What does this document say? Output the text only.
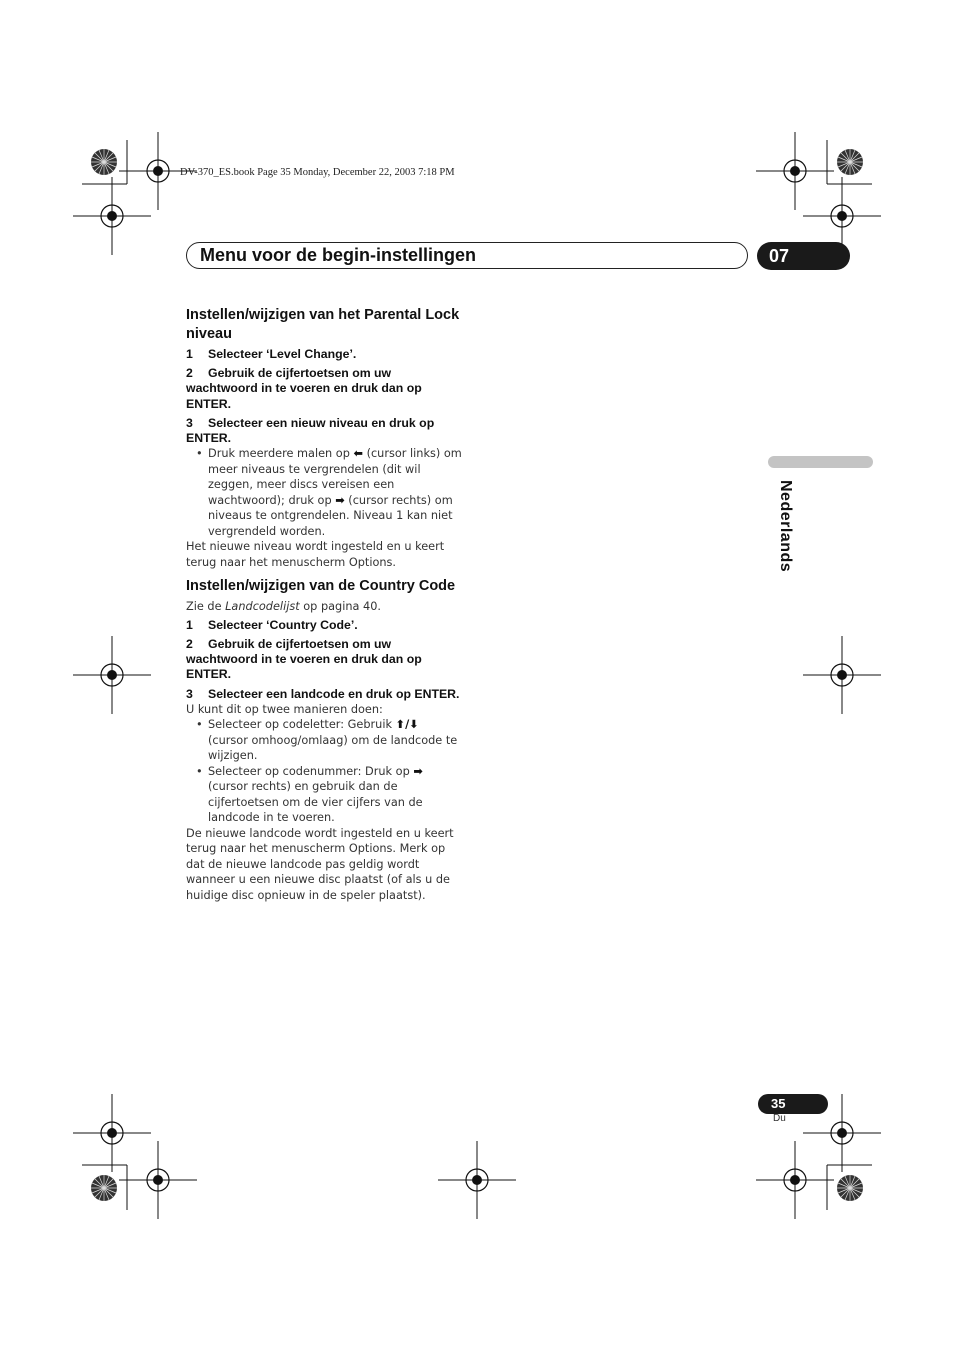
DV-370_ES.book Page 35 Monday, December 22, 2003 7:18 PM
Menu voor de begin-instellingen	07
Nederlands
Instellen/wijzigen van het Parental Lock niveau

1 Selecteer ‘Level Change’.

2 Gebruik de cijfertoetsen om uw wachtwoord in te voeren en druk dan op ENTER.

3 Selecteer een nieuw niveau en druk op ENTER.

• Druk meerdere malen op ⬅ (cursor links) om meer niveaus te vergrendelen (dit wil zeggen, meer discs vereisen een wachtwoord); druk op ➡ (cursor rechts) om niveaus te ontgrendelen. Niveau 1 kan niet vergrendeld worden.

Het nieuwe niveau wordt ingesteld en u keert terug naar het menuscherm Options.

Instellen/wijzigen van de Country Code

Zie de Landcodelijst op pagina 40.

1 Selecteer ‘Country Code’.

2 Gebruik de cijfertoetsen om uw wachtwoord in te voeren en druk dan op ENTER.

3 Selecteer een landcode en druk op ENTER.

U kunt dit op twee manieren doen:

• Selecteer op codeletter: Gebruik ⬆/⬇ (cursor omhoog/omlaag) om de landcode te wijzigen.
• Selecteer op codenummer: Druk op ➡ (cursor rechts) en gebruik dan de cijfertoetsen om de vier cijfers van de landcode in te voeren.

De nieuwe landcode wordt ingesteld en u keert terug naar het menuscherm Options. Merk op dat de nieuwe landcode pas geldig wordt wanneer u een nieuwe disc plaatst (of als u de huidige disc opnieuw in de speler plaatst).

35
Du
